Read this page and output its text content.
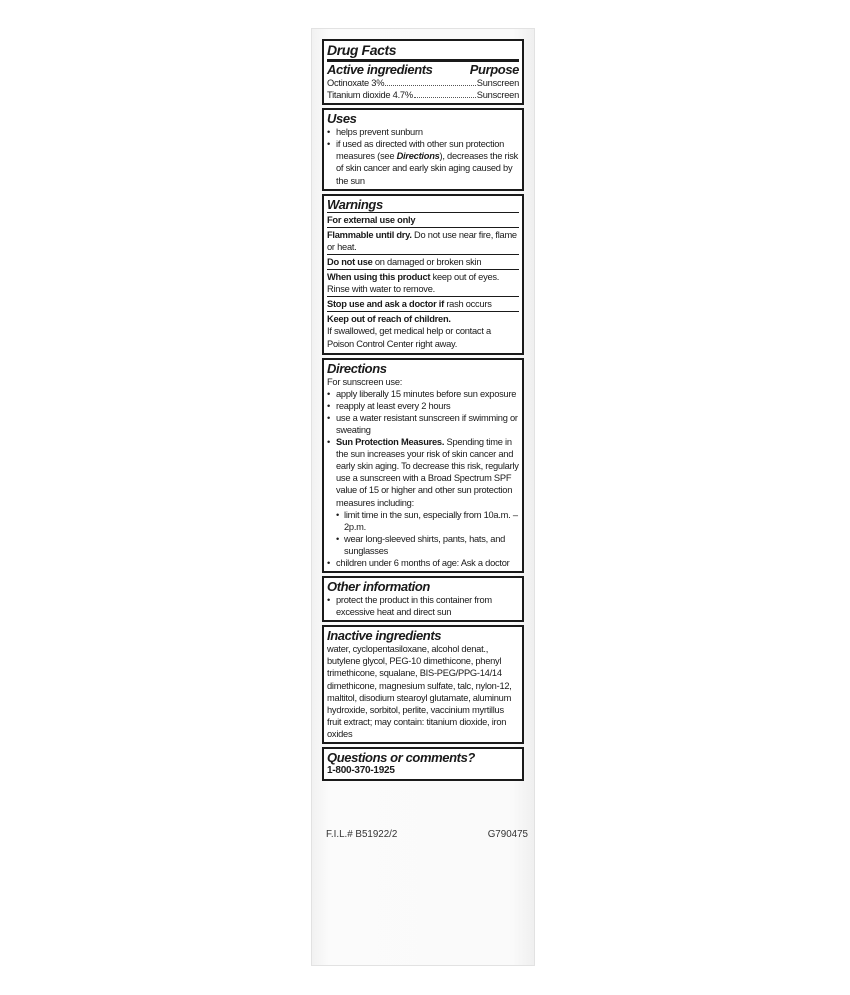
Drug Facts
Active ingredients	Purpose
Octinoxate 3%	Sunscreen
Titanium dioxide 4.7%	Sunscreen
Uses
• helps prevent sunburn
• if used as directed with other sun protection measures (see Directions), decreases the risk of skin cancer and early skin aging caused by the sun
Warnings
For external use only
Flammable until dry. Do not use near fire, flame or heat.
Do not use on damaged or broken skin
When using this product keep out of eyes. Rinse with water to remove.
Stop use and ask a doctor if rash occurs
Keep out of reach of children.
If swallowed, get medical help or contact a Poison Control Center right away.
Directions
For sunscreen use:
• apply liberally 15 minutes before sun exposure
• reapply at least every 2 hours
• use a water resistant sunscreen if swimming or sweating
• Sun Protection Measures. Spending time in the sun increases your risk of skin cancer and early skin aging. To decrease this risk, regularly use a sunscreen with a Broad Spectrum SPF value of 15 or higher and other sun protection measures including:
• limit time in the sun, especially from 10a.m. – 2p.m.
• wear long-sleeved shirts, pants, hats, and sunglasses
• children under 6 months of age: Ask a doctor
Other information
• protect the product in this container from excessive heat and direct sun
Inactive ingredients
water, cyclopentasiloxane, alcohol denat., butylene glycol, PEG-10 dimethicone, phenyl trimethicone, squalane, BIS-PEG/PPG-14/14 dimethicone, magnesium sulfate, talc, nylon-12, maltitol, disodium stearoyl glutamate, aluminum hydroxide, sorbitol, perlite, vaccinium myrtillus fruit extract; may contain: titanium dioxide, iron oxides
Questions or comments?
1-800-370-1925
F.I.L.# B51922/2	G790475
